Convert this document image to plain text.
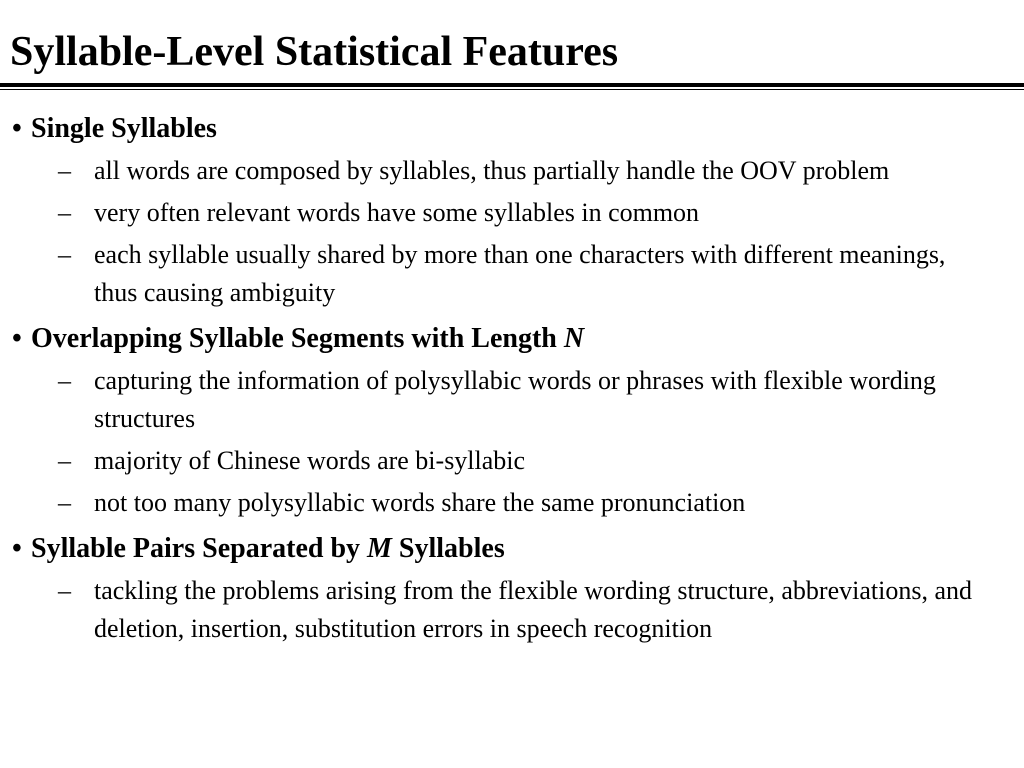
Syllable-Level Statistical Features
• Single Syllables
– all words are composed by syllables, thus partially handle the OOV problem
– very often relevant words have some syllables in common
– each syllable usually shared by more than one characters with different meanings, thus causing ambiguity
• Overlapping Syllable Segments with Length N
– capturing the information of polysyllabic words or phrases with flexible wording structures
– majority of Chinese words are bi-syllabic
– not too many polysyllabic words share the same pronunciation
• Syllable Pairs Separated by M Syllables
– tackling the problems arising from the flexible wording structure, abbreviations, and deletion, insertion, substitution errors in speech recognition
